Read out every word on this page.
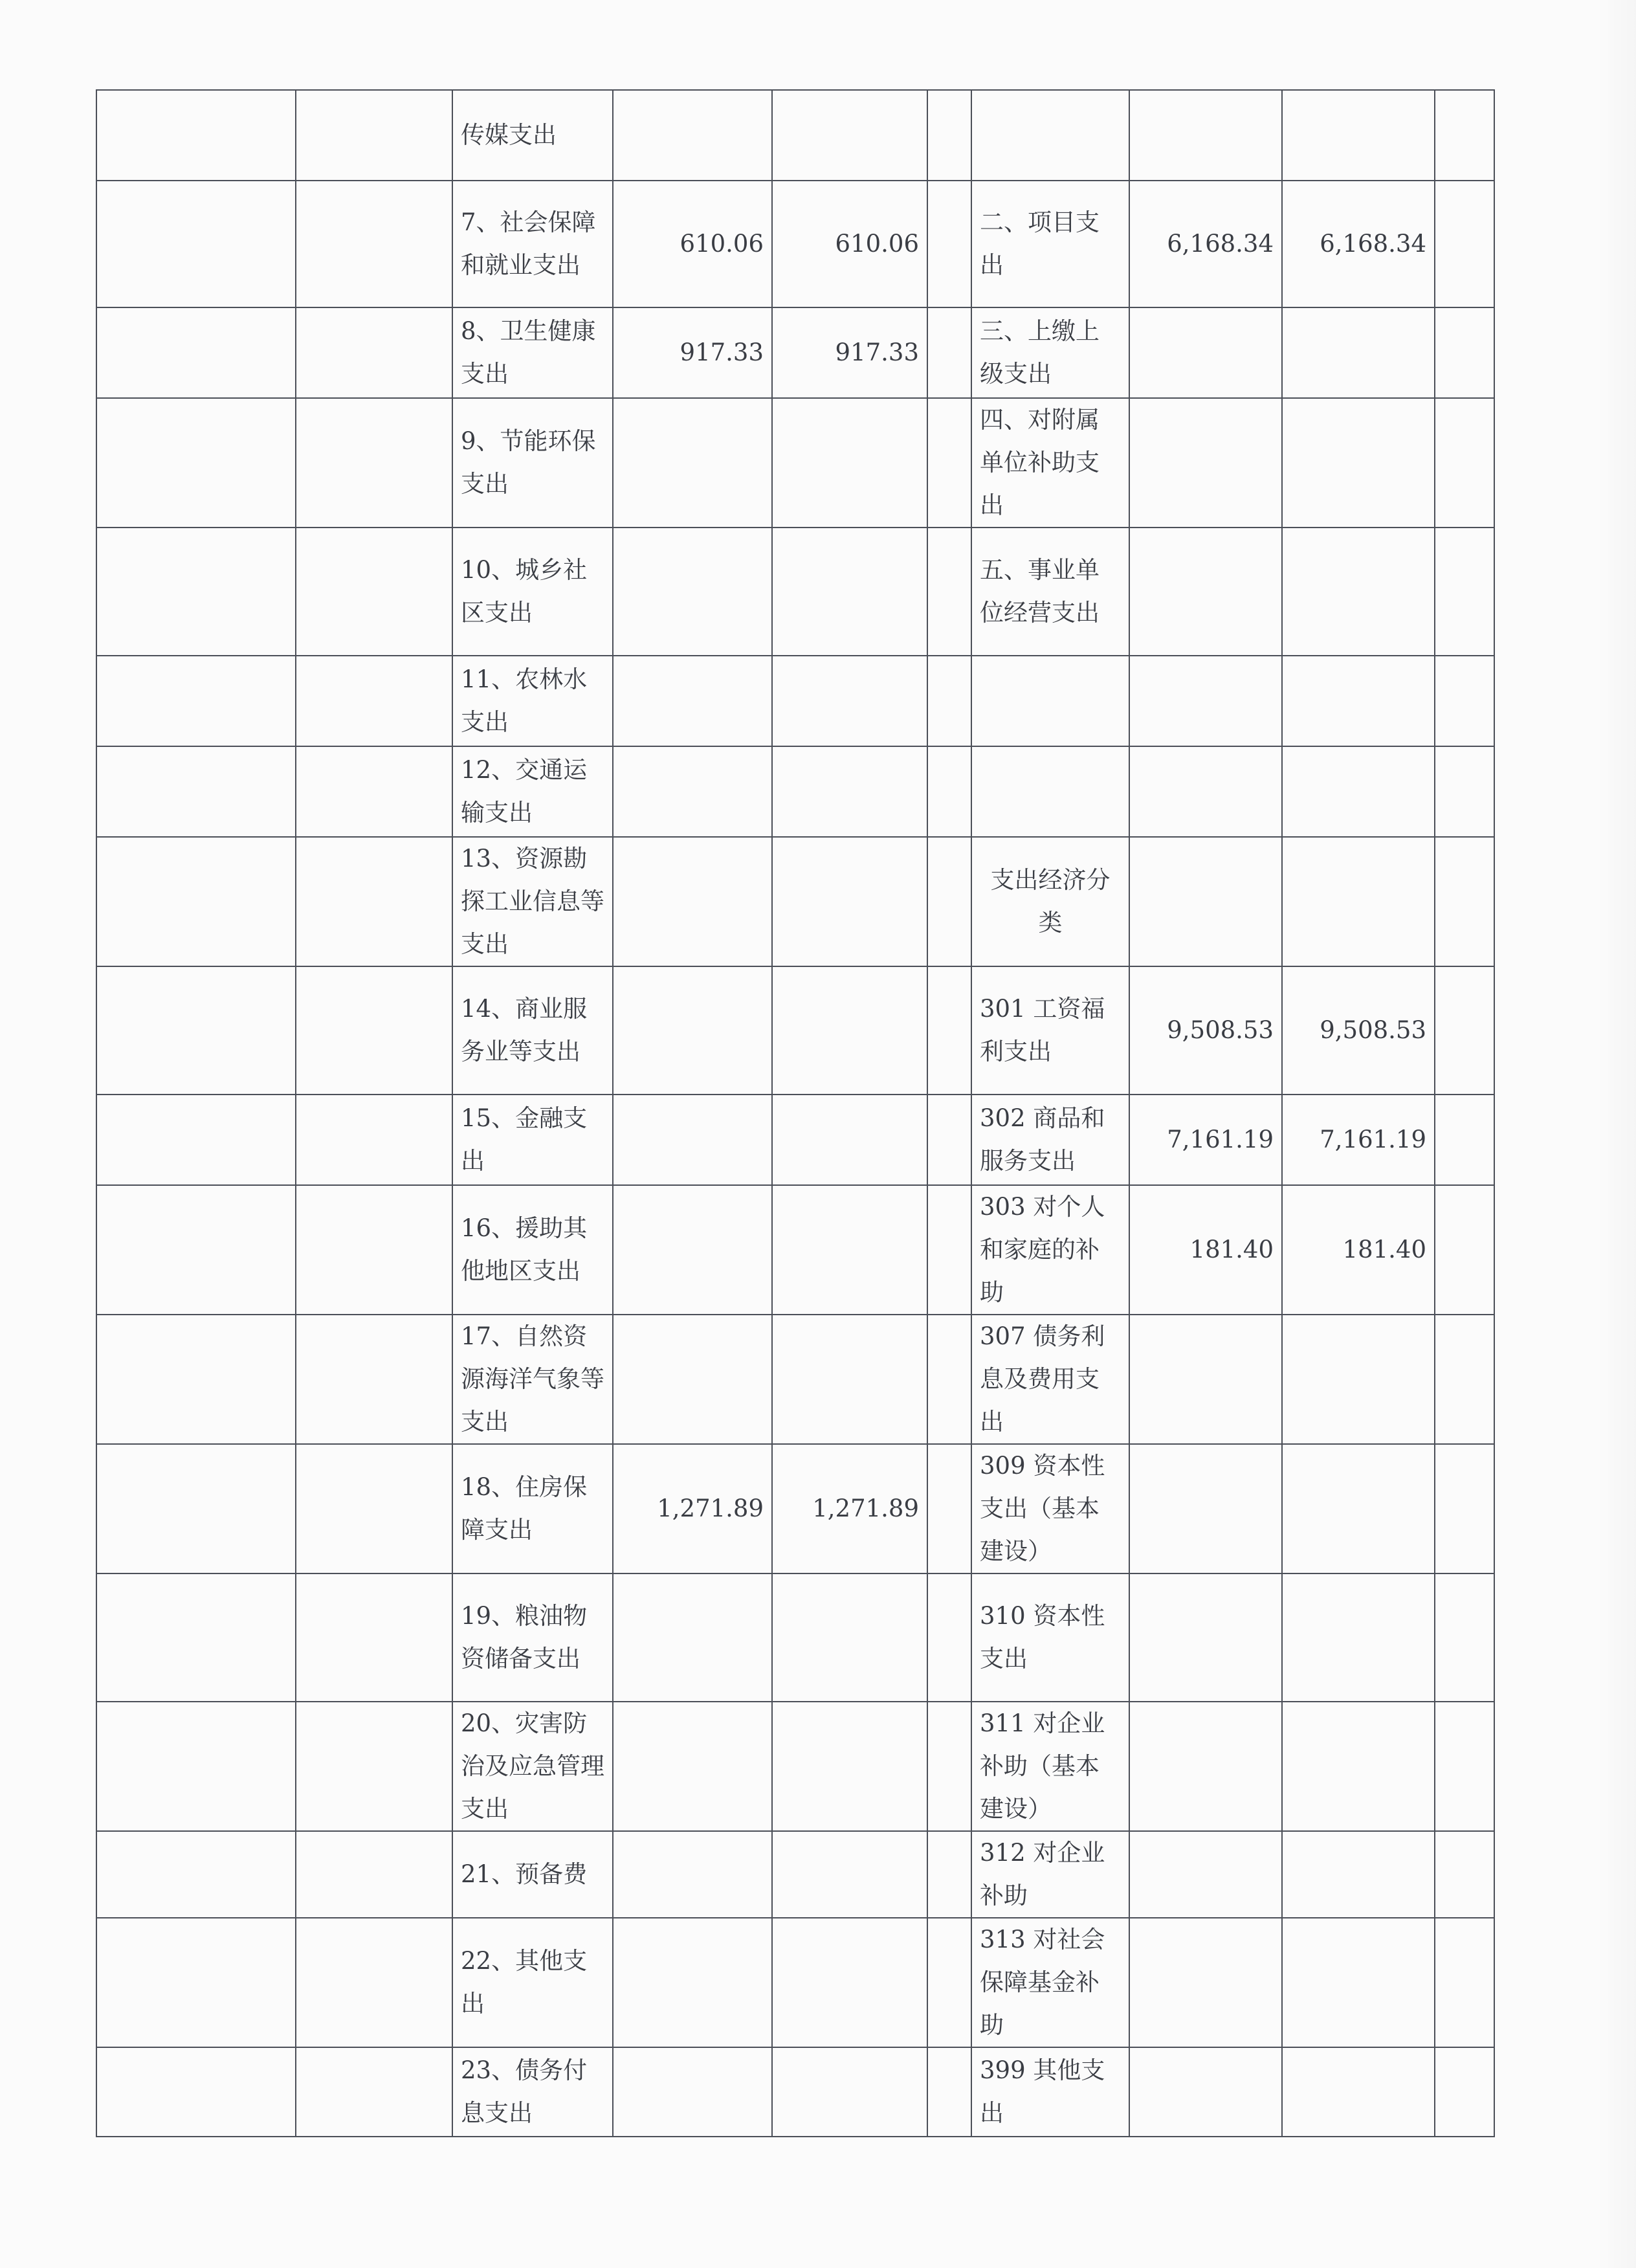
		传媒支出							
		7、社会保障和就业支出	610.06	610.06		二、项目支出	6,168.34	6,168.34	
		8、卫生健康支出	917.33	917.33		三、上缴上级支出			
		9、节能环保支出				四、对附属单位补助支出			
		10、城乡社区支出				五、事业单位经营支出			
		11、农林水支出							
		12、交通运输支出							
		13、资源勘探工业信息等支出				支出经济分类			
		14、商业服务业等支出				301 工资福利支出	9,508.53	9,508.53	
		15、金融支出				302 商品和服务支出	7,161.19	7,161.19	
		16、援助其他地区支出				303 对个人和家庭的补助	181.40	181.40	
		17、自然资源海洋气象等支出				307 债务利息及费用支出			
		18、住房保障支出	1,271.89	1,271.89		309 资本性支出（基本建设）			
		19、粮油物资储备支出				310 资本性支出			
		20、灾害防治及应急管理支出				311 对企业补助（基本建设）			
		21、预备费				312 对企业补助			
		22、其他支出				313 对社会保障基金补助			
		23、债务付息支出				399 其他支出			
